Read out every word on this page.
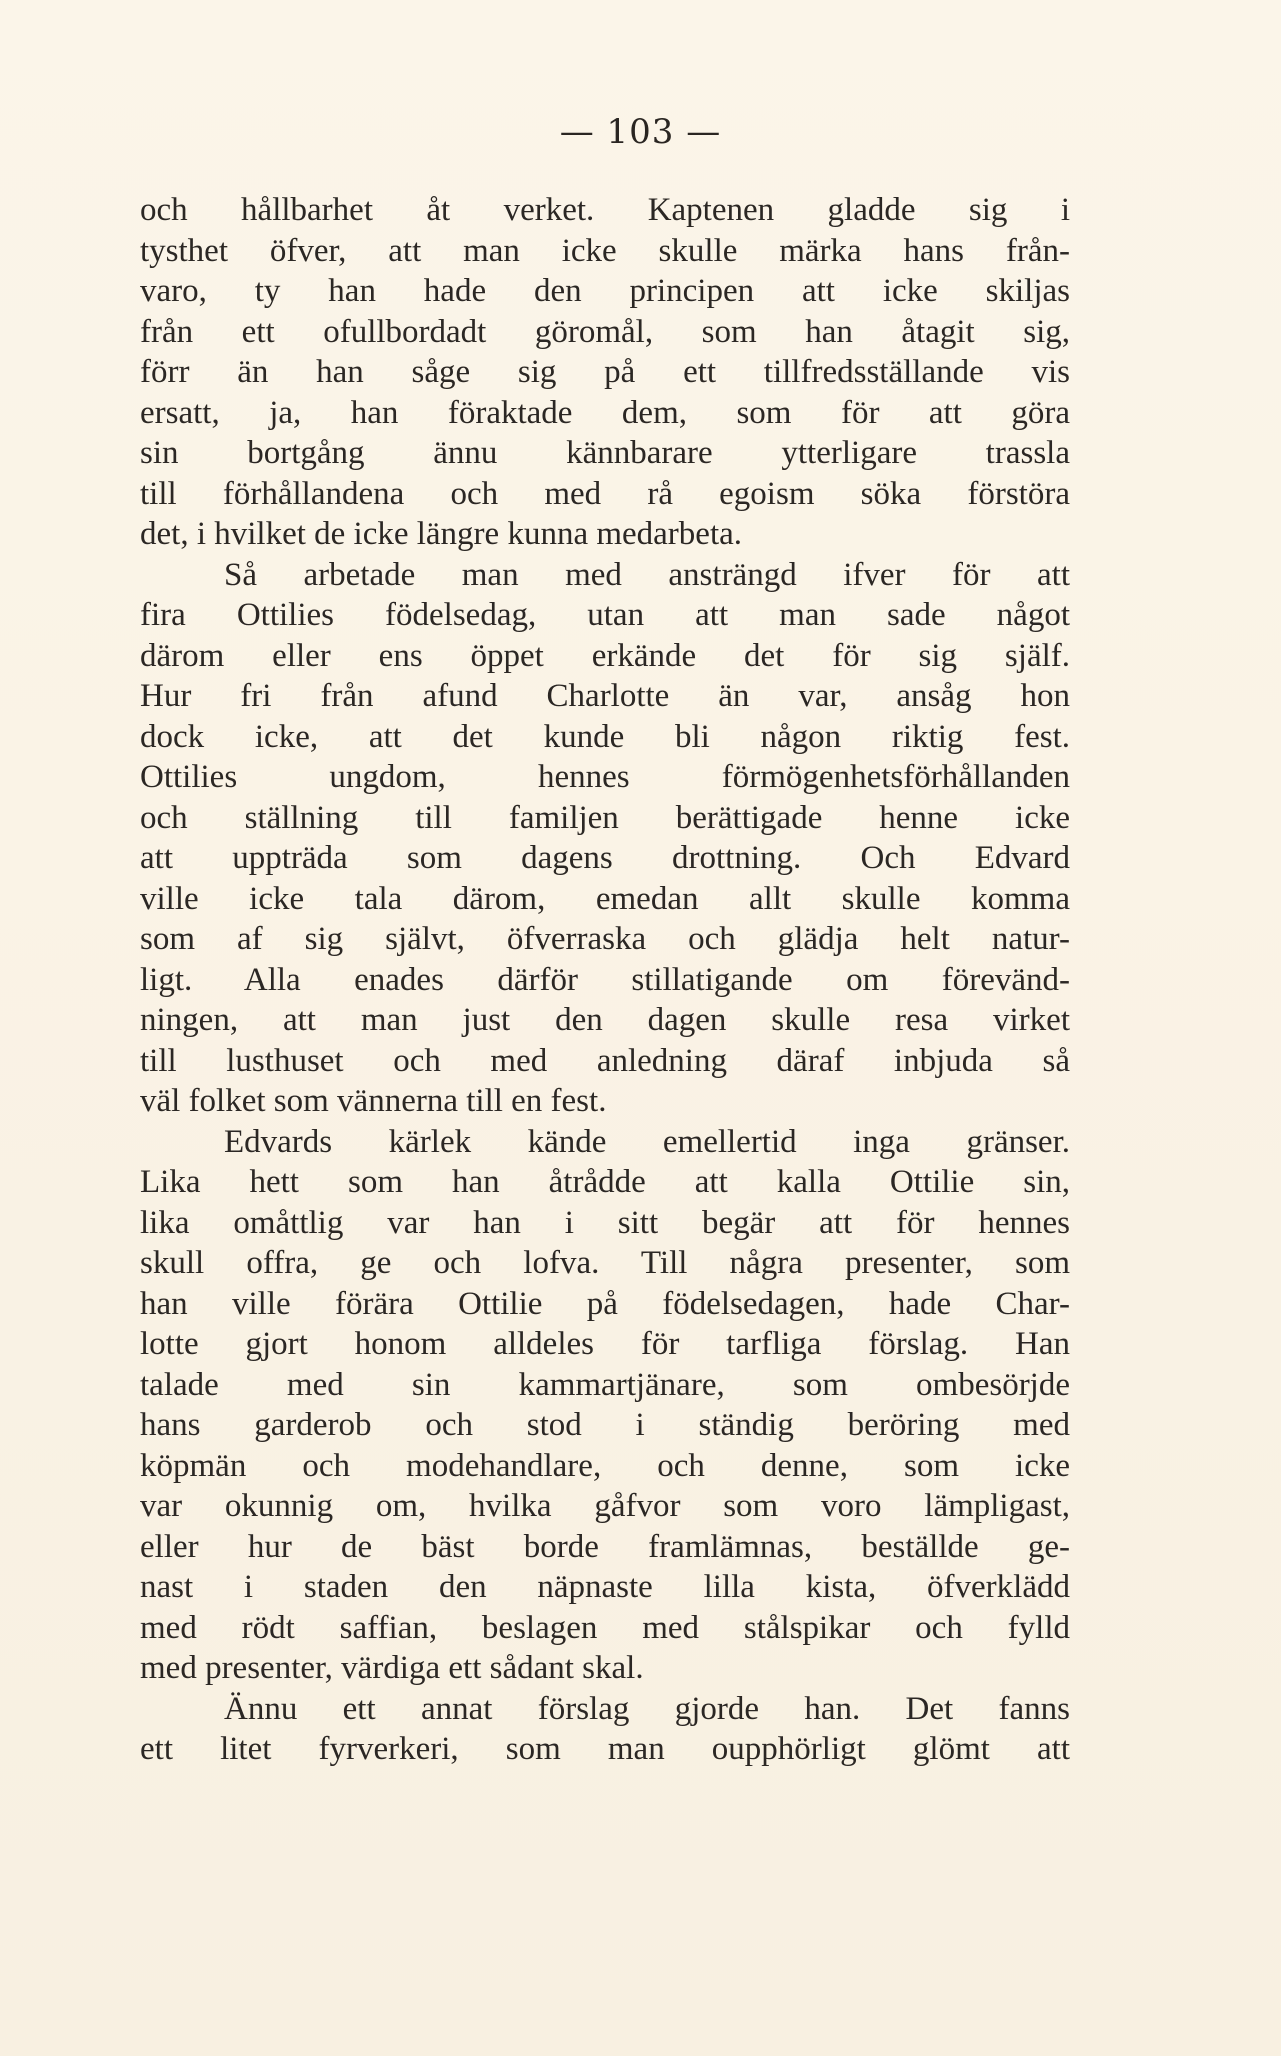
— 103 —
och hållbarhet åt verket. Kaptenen gladde sig i
tysthet öfver, att man icke skulle märka hans från-
varo, ty han hade den principen att icke skiljas
från ett ofullbordadt göromål, som han åtagit sig,
förr än han såge sig på ett tillfredsställande vis
ersatt, ja, han föraktade dem, som för att göra
sin bortgång ännu kännbarare ytterligare trassla
till förhållandena och med rå egoism söka förstöra
det, i hvilket de icke längre kunna medarbeta.
Så arbetade man med ansträngd ifver för att
fira Ottilies födelsedag, utan att man sade något
därom eller ens öppet erkände det för sig själf.
Hur fri från afund Charlotte än var, ansåg hon
dock icke, att det kunde bli någon riktig fest.
Ottilies ungdom, hennes förmögenhetsförhållanden
och ställning till familjen berättigade henne icke
att uppträda som dagens drottning. Och Edvard
ville icke tala därom, emedan allt skulle komma
som af sig självt, öfverraska och glädja helt natur-
ligt. Alla enades därför stillatigande om förevänd-
ningen, att man just den dagen skulle resa virket
till lusthuset och med anledning däraf inbjuda så
väl folket som vännerna till en fest.
Edvards kärlek kände emellertid inga gränser.
Lika hett som han åtrådde att kalla Ottilie sin,
lika omåttlig var han i sitt begär att för hennes
skull offra, ge och lofva. Till några presenter, som
han ville förära Ottilie på födelsedagen, hade Char-
lotte gjort honom alldeles för tarfliga förslag. Han
talade med sin kammartjänare, som ombesörjde
hans garderob och stod i ständig beröring med
köpmän och modehandlare, och denne, som icke
var okunnig om, hvilka gåfvor som voro lämpligast,
eller hur de bäst borde framlämnas, beställde ge-
nast i staden den näpnaste lilla kista, öfverklädd
med rödt saffian, beslagen med stålspikar och fylld
med presenter, värdiga ett sådant skal.
Ännu ett annat förslag gjorde han. Det fanns
ett litet fyrverkeri, som man oupphörligt glömt att
